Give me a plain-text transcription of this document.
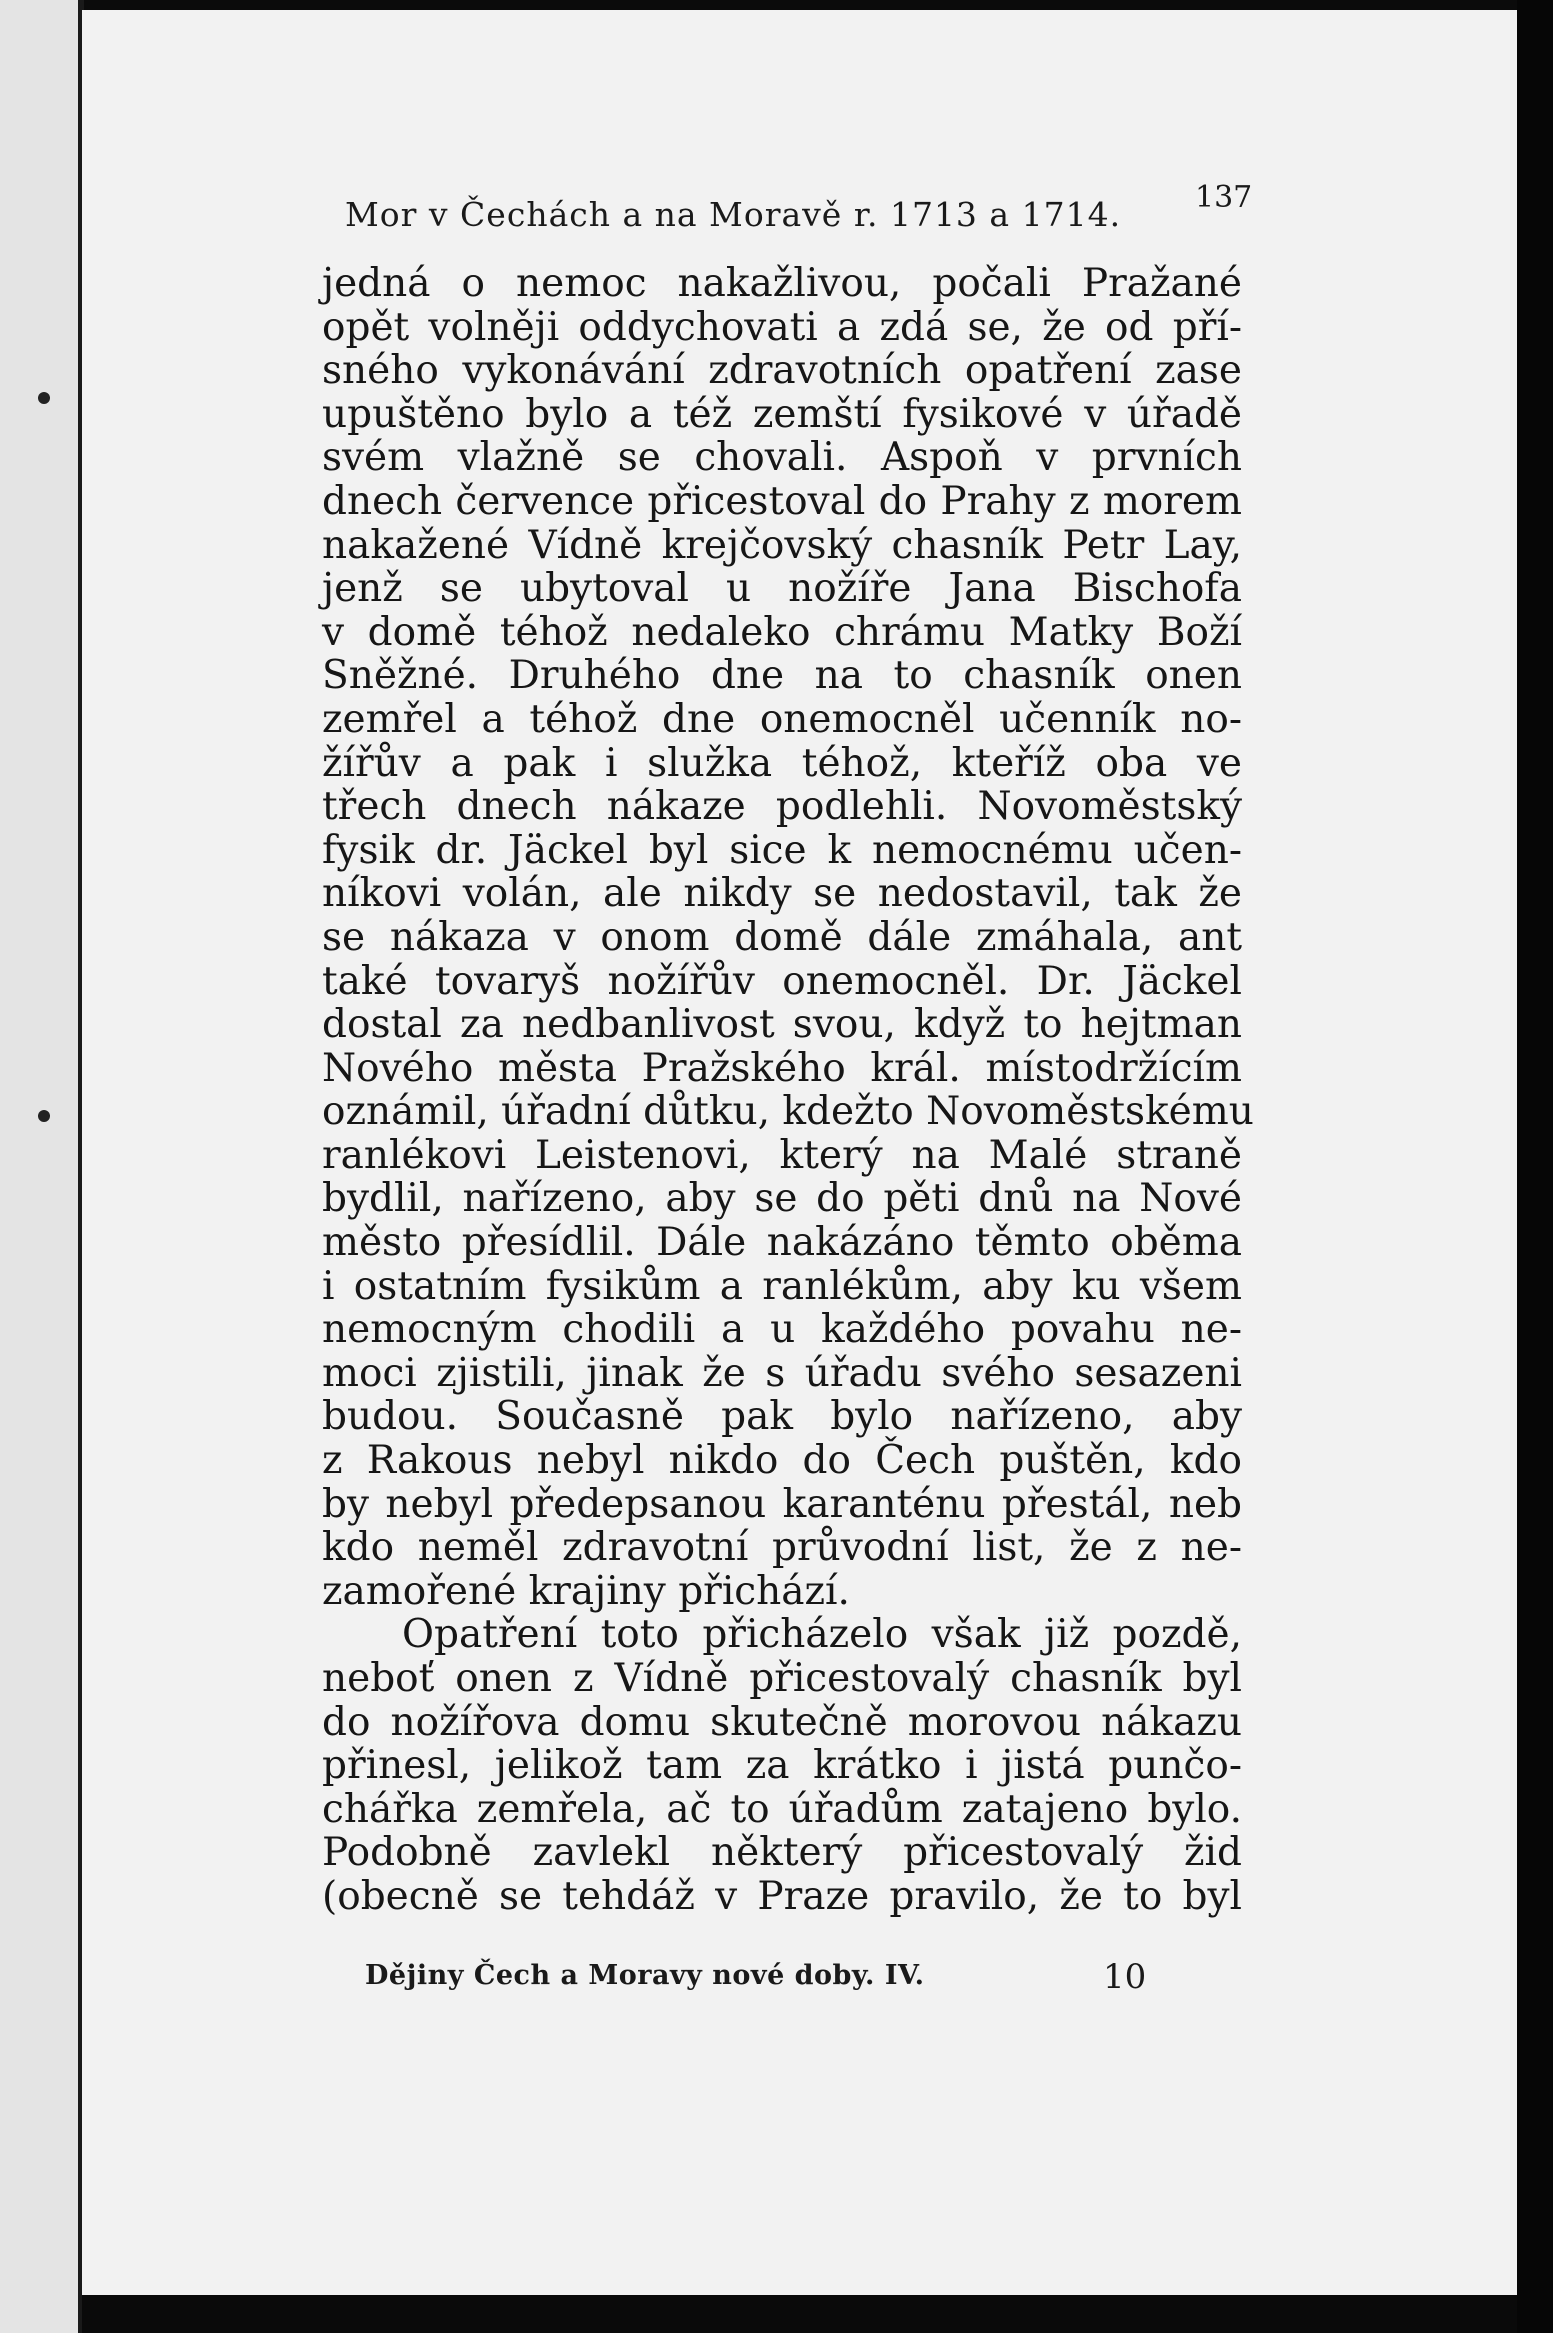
Mor v Čechách a na Moravě r. 1713 a 1714.	137
jedná o nemoc nakažlivou, počali Pražané
opět volněji oddychovati a zdá se, že od pří-
sného vykonávání zdravotních opatření zase
upuštěno bylo a též zemští fysikové v úřadě
svém vlažně se chovali. Aspoň v prvních
dnech července přicestoval do Prahy z morem
nakažené Vídně krejčovský chasník Petr Lay,
jenž se ubytoval u nožíře Jana Bischofa
v domě téhož nedaleko chrámu Matky Boží
Sněžné. Druhého dne na to chasník onen
zemřel a téhož dne onemocněl učenník no-
žířův a pak i služka téhož, kteříž oba ve
třech dnech nákaze podlehli. Novoměstský
fysik dr. Jäckel byl sice k nemocnému učen-
níkovi volán, ale nikdy se nedostavil, tak že
se nákaza v onom domě dále zmáhala, ant
také tovaryš nožířův onemocněl. Dr. Jäckel
dostal za nedbanlivost svou, když to hejtman
Nového města Pražského král. místodržícím
oznámil, úřadní důtku, kdežto Novoměstskému
ranlékovi Leistenovi, který na Malé straně
bydlil, nařízeno, aby se do pěti dnů na Nové
město přesídlil. Dále nakázáno těmto oběma
i ostatním fysikům a ranlékům, aby ku všem
nemocným chodili a u každého povahu ne-
moci zjistili, jinak že s úřadu svého sesazeni
budou. Současně pak bylo nařízeno, aby
z Rakous nebyl nikdo do Čech puštěn, kdo
by nebyl předepsanou karanténu přestál, neb
kdo neměl zdravotní průvodní list, že z ne-
zamořené krajiny přichází.
Opatření toto přicházelo však již pozdě,
neboť onen z Vídně přicestovalý chasník byl
do nožířova domu skutečně morovou nákazu
přinesl, jelikož tam za krátko i jistá punčo-
chářka zemřela, ač to úřadům zatajeno bylo.
Podobně zavlekl některý přicestovalý žid
(obecně se tehdáž v Praze pravilo, že to byl
Dějiny Čech a Moravy nové doby. IV.	10
